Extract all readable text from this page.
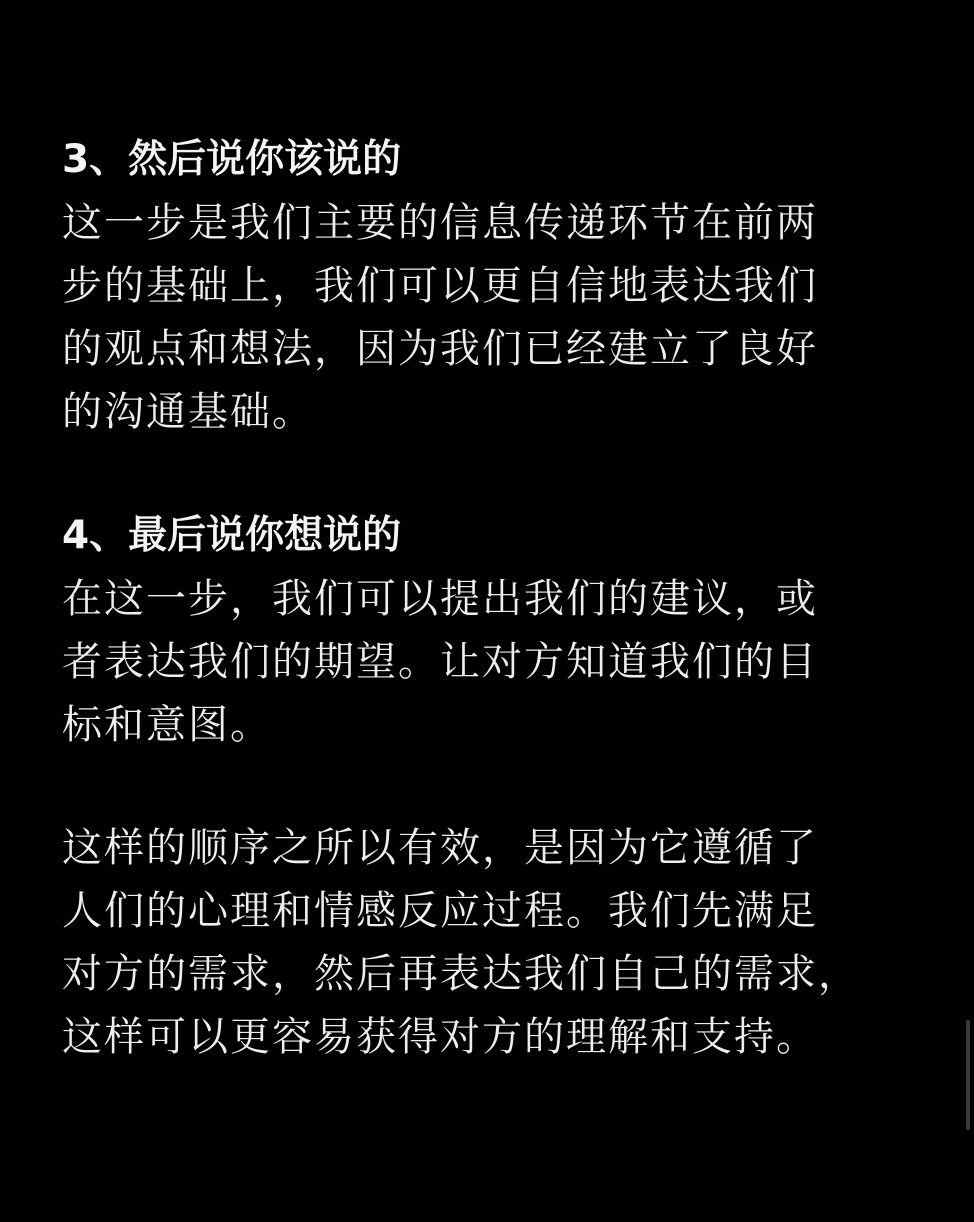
3、然后说你该说的

这一步是我们主要的信息传递环节在前两

步的基础上，我们可以更自信地表达我们

的观点和想法，因为我们已经建立了良好

的沟通基础。

4、最后说你想说的

在这一步，我们可以提出我们的建议，或

者表达我们的期望。让对方知道我们的目

标和意图。

这样的顺序之所以有效，是因为它遵循了

人们的心理和情感反应过程。我们先满足

对方的需求，然后再表达我们自己的需求，

这样可以更容易获得对方的理解和支持。
